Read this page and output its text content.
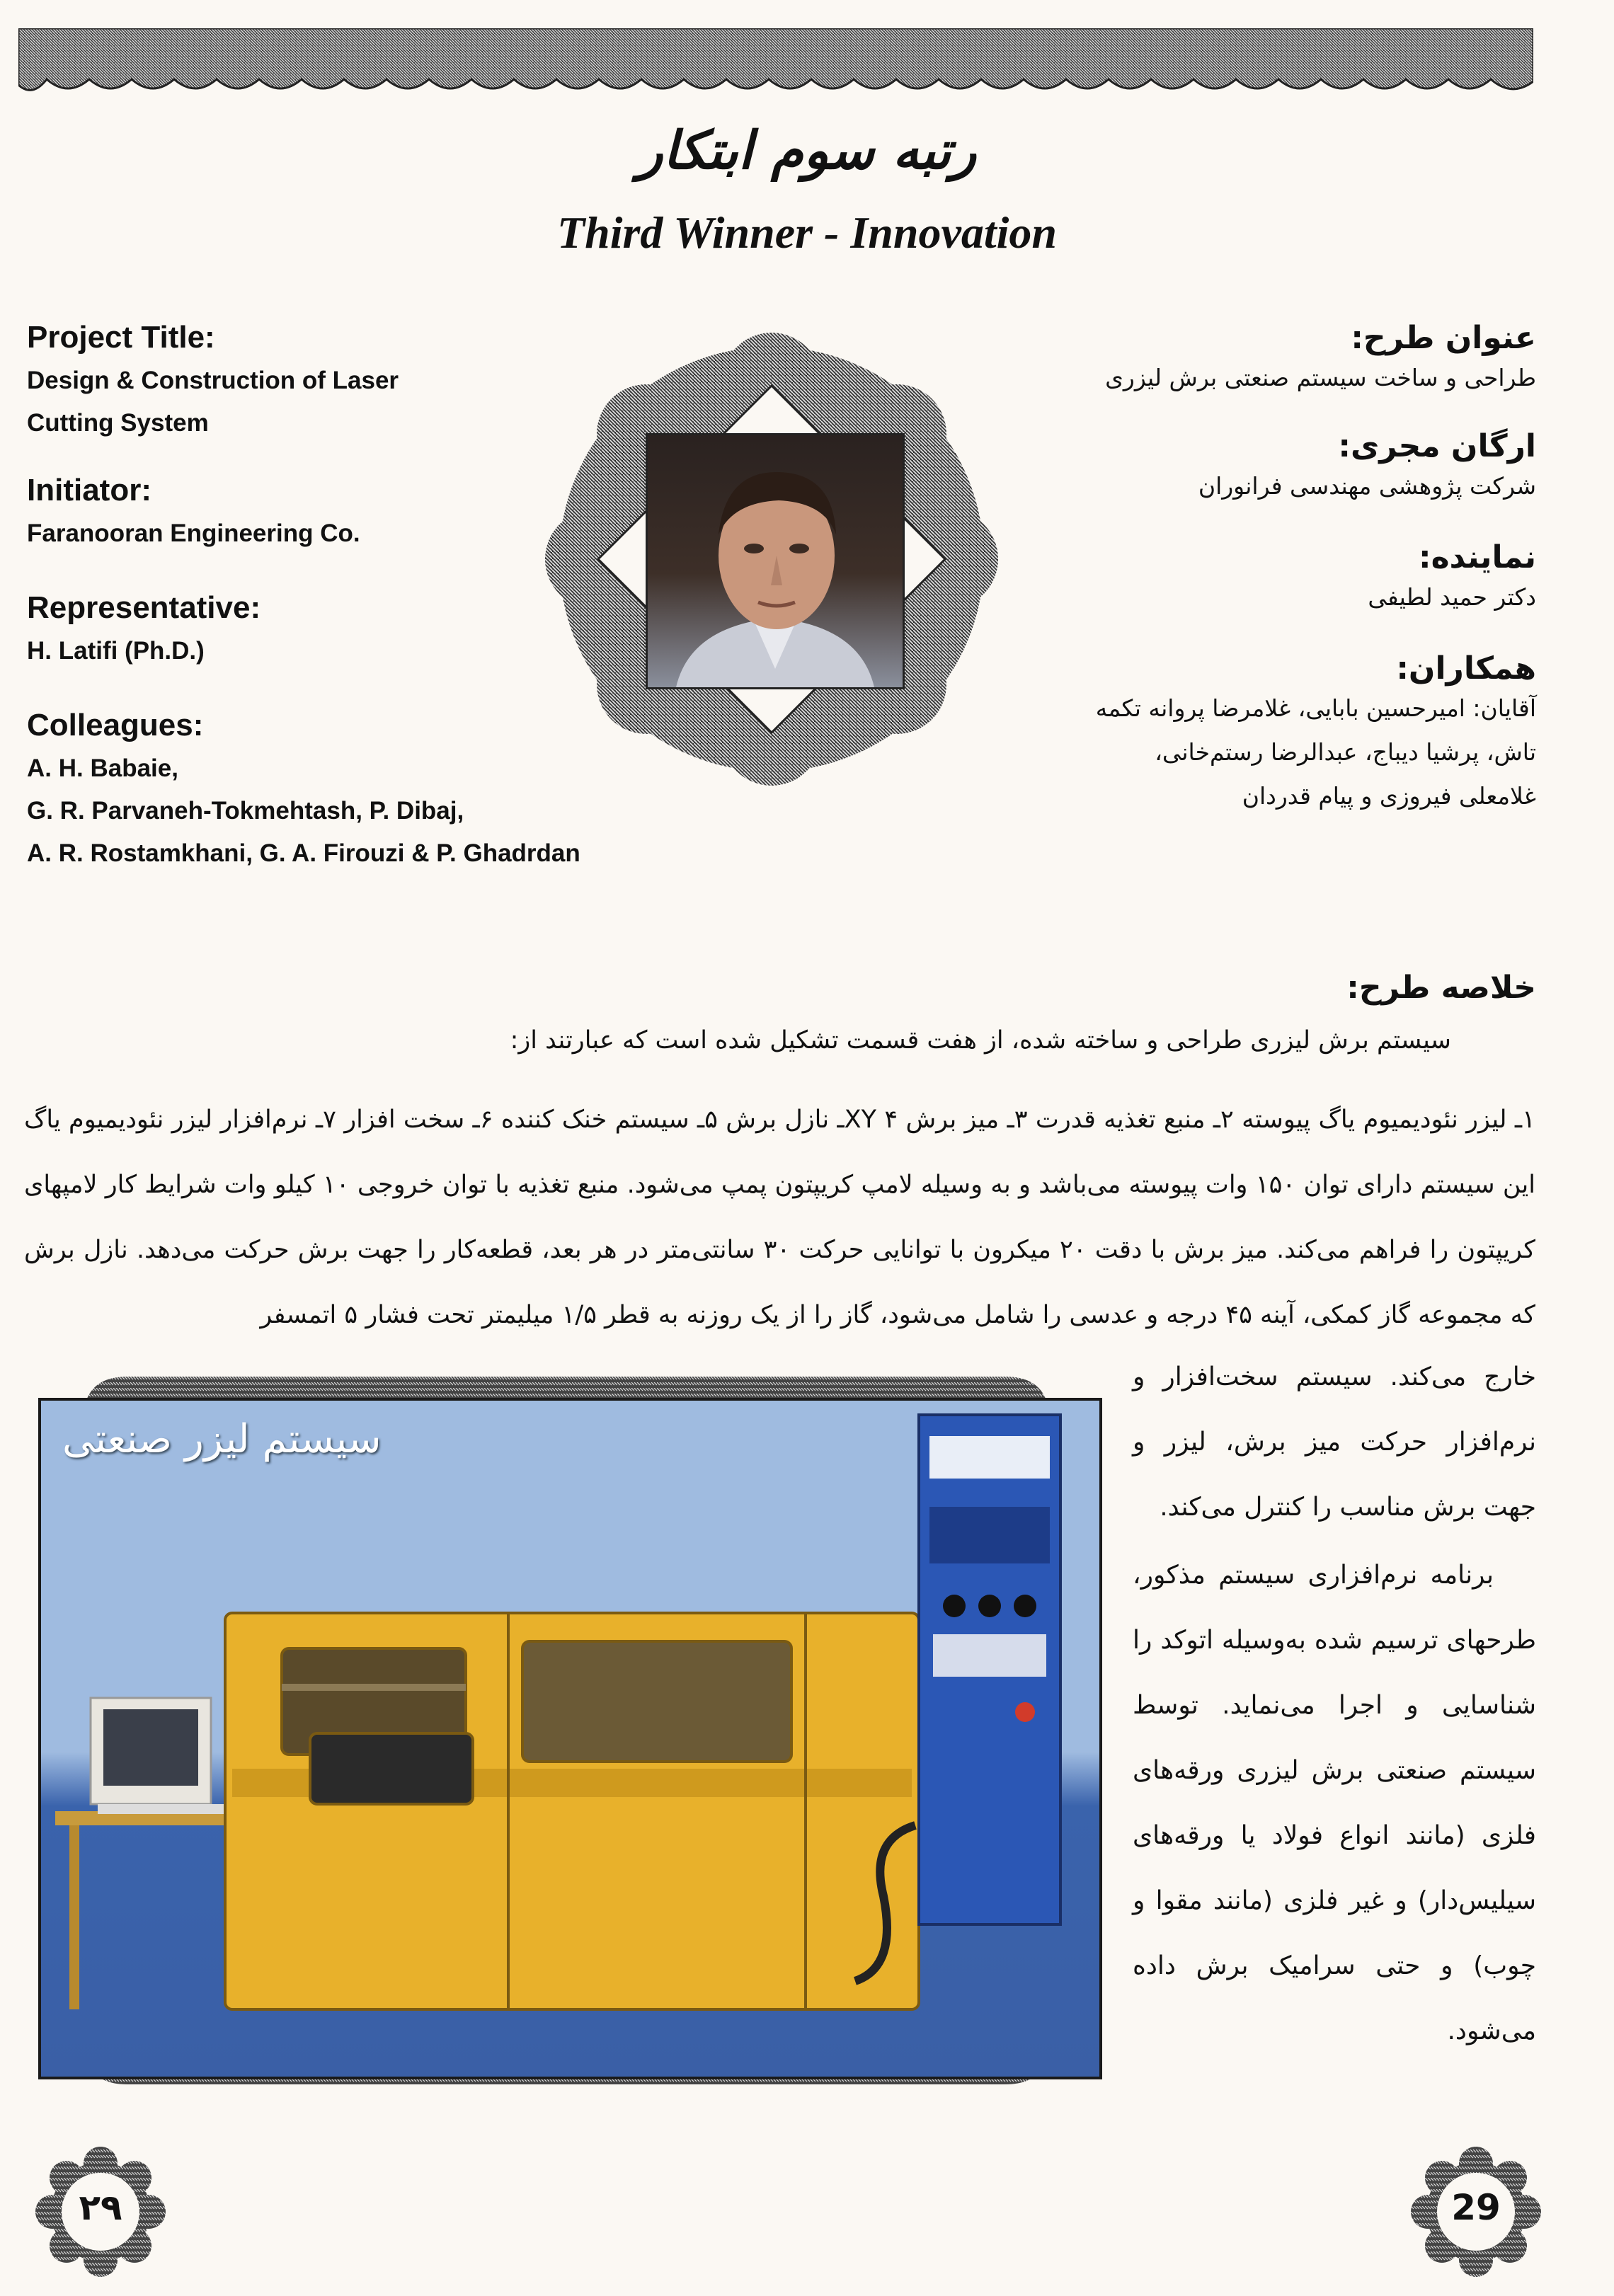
رتبه سوم ابتکار
Third Winner - Innovation
Project Title:
Design & Construction of Laser
Cutting System
Initiator:
Faranooran Engineering Co.
Representative:
H. Latifi (Ph.D.)
Colleagues:
A. H. Babaie,
G. R. Parvaneh-Tokmehtash, P. Dibaj,
A. R. Rostamkhani, G. A. Firouzi & P. Ghadrdan
عنوان طرح:
طراحی و ساخت سیستم صنعتی برش لیزری
ارگان مجری:
شرکت پژوهشی مهندسی فرانوران
نماینده:
دکتر حمید لطیفی
همکاران:
آقایان: امیرحسین بابایی، غلامرضا پروانه تکمه
تاش، پرشیا دیباج، عبدالرضا رستم‌خانی،
غلامعلی فیروزی و پیام قدردان
خلاصه طرح:
سیستم برش لیزری طراحی و ساخته شده، از هفت قسمت تشکیل شده است که عبارتند از:
۱ـ لیزر نئودیمیوم یاگ پیوسته ۲ـ منبع تغذیه قدرت ۳ـ میز برش XY ۴ـ نازل برش ۵ـ سیستم خنک کننده ۶ـ سخت افزار ۷ـ نرم‌افزار لیزر نئودیمیوم یاگ این سیستم دارای توان ۱۵۰ وات پیوسته می‌باشد و به وسیله لامپ کریپتون پمپ می‌شود. منبع تغذیه با توان خروجی ۱۰ کیلو وات شرایط کار لامپهای کریپتون را فراهم می‌کند. میز برش با دقت ۲۰ میکرون با توانایی حرکت ۳۰ سانتی‌متر در هر بعد، قطعه‌کار را جهت برش حرکت می‌دهد. نازل برش که مجموعه گاز کمکی، آینه ۴۵ درجه و عدسی را شامل می‌شود، گاز را از یک روزنه به قطر ۱/۵ میلیمتر تحت فشار ۵ اتمسفر
سیستم لیزر صنعتی
خارج می‌کند. سیستم سخت‌افزار و نرم‌افزار حرکت میز برش، لیزر و جهت برش مناسب را کنترل می‌کند.
برنامه نرم‌افزاری سیستم مذکور، طرحهای ترسیم شده به‌وسیله اتوکد را شناسایی و اجرا می‌نماید. توسط سیستم صنعتی برش لیزری ورقه‌های فلزی (مانند انواع فولاد یا ورقه‌های سیلیس‌دار) و غیر فلزی (مانند مقوا و چوب) و حتی سرامیک برش داده می‌شود.
۲۹	29
